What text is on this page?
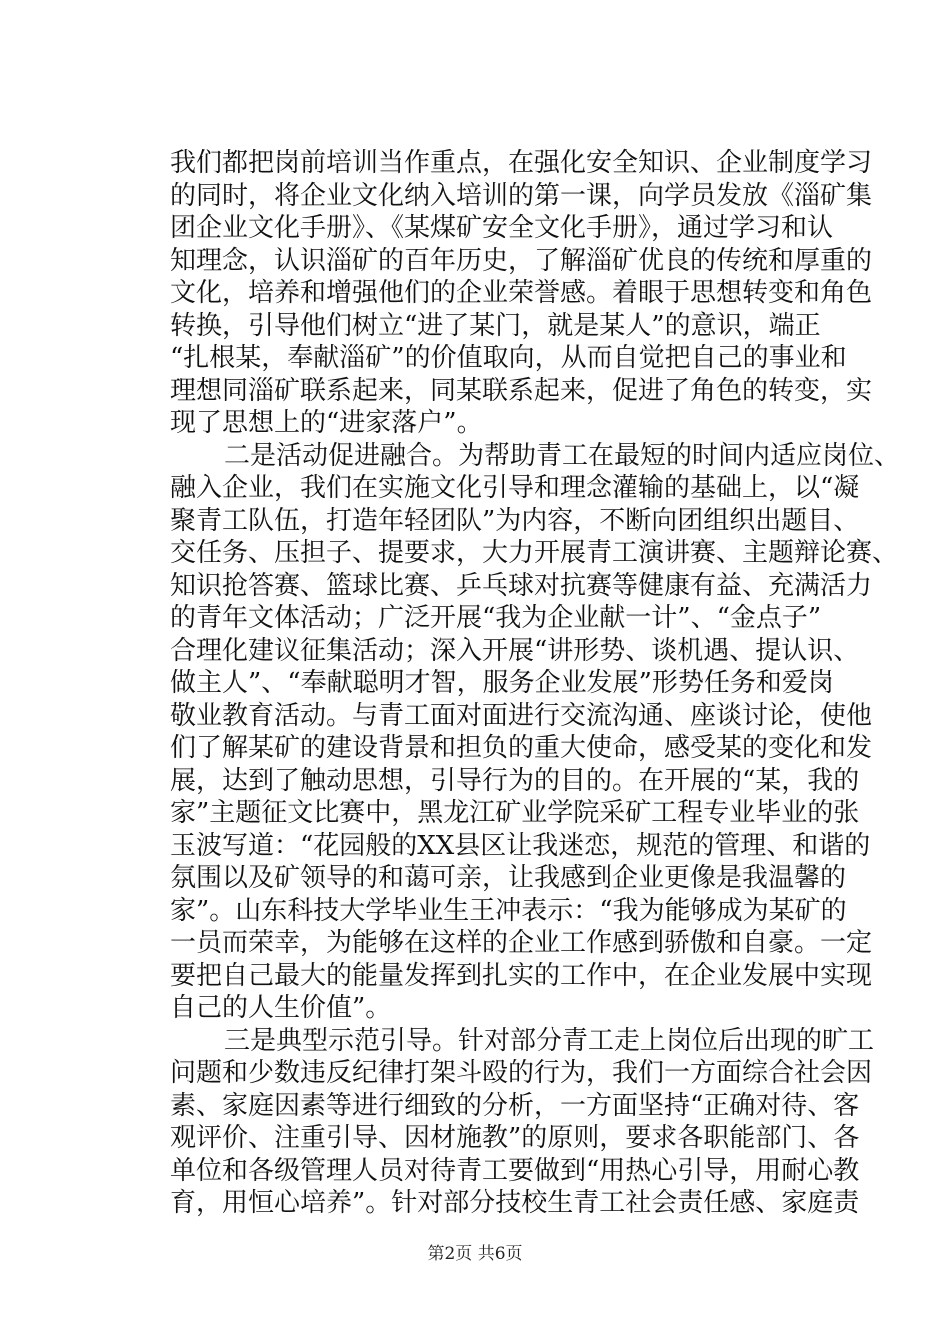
我们都把岗前培训当作重点，在强化安全知识、企业制度学习
的同时，将企业文化纳入培训的第一课，向学员发放《淄矿集
团企业文化手册》、《某煤矿安全文化手册》，通过学习和认
知理念，认识淄矿的百年历史，了解淄矿优良的传统和厚重的
文化，培养和增强他们的企业荣誉感。着眼于思想转变和角色
转换，引导他们树立“进了某门，就是某人”的意识，端正
“扎根某，奉献淄矿”的价值取向，从而自觉把自己的事业和
理想同淄矿联系起来，同某联系起来，促进了角色的转变，实
现了思想上的“进家落户”。
二是活动促进融合。为帮助青工在最短的时间内适应岗位、
融入企业，我们在实施文化引导和理念灌输的基础上，以“凝
聚青工队伍，打造年轻团队”为内容，不断向团组织出题目、
交任务、压担子、提要求，大力开展青工演讲赛、主题辩论赛、
知识抢答赛、篮球比赛、乒乓球对抗赛等健康有益、充满活力
的青年文体活动；广泛开展“我为企业献一计”、“金点子”
合理化建议征集活动；深入开展“讲形势、谈机遇、提认识、
做主人”、“奉献聪明才智，服务企业发展”形势任务和爱岗
敬业教育活动。与青工面对面进行交流沟通、座谈讨论，使他
们了解某矿的建设背景和担负的重大使命，感受某的变化和发
展，达到了触动思想，引导行为的目的。在开展的“某，我的
家”主题征文比赛中，黑龙江矿业学院采矿工程专业毕业的张
玉波写道：“花园般的XX县区让我迷恋，规范的管理、和谐的
氛围以及矿领导的和蔼可亲，让我感到企业更像是我温馨的
家”。山东科技大学毕业生王冲表示：“我为能够成为某矿的
一员而荣幸，为能够在这样的企业工作感到骄傲和自豪。一定
要把自己最大的能量发挥到扎实的工作中，在企业发展中实现
自己的人生价值”。
三是典型示范引导。针对部分青工走上岗位后出现的旷工
问题和少数违反纪律打架斗殴的行为，我们一方面综合社会因
素、家庭因素等进行细致的分析，一方面坚持“正确对待、客
观评价、注重引导、因材施教”的原则，要求各职能部门、各
单位和各级管理人员对待青工要做到“用热心引导，用耐心教
育，用恒心培养”。针对部分技校生青工社会责任感、家庭责
第2页 共6页
